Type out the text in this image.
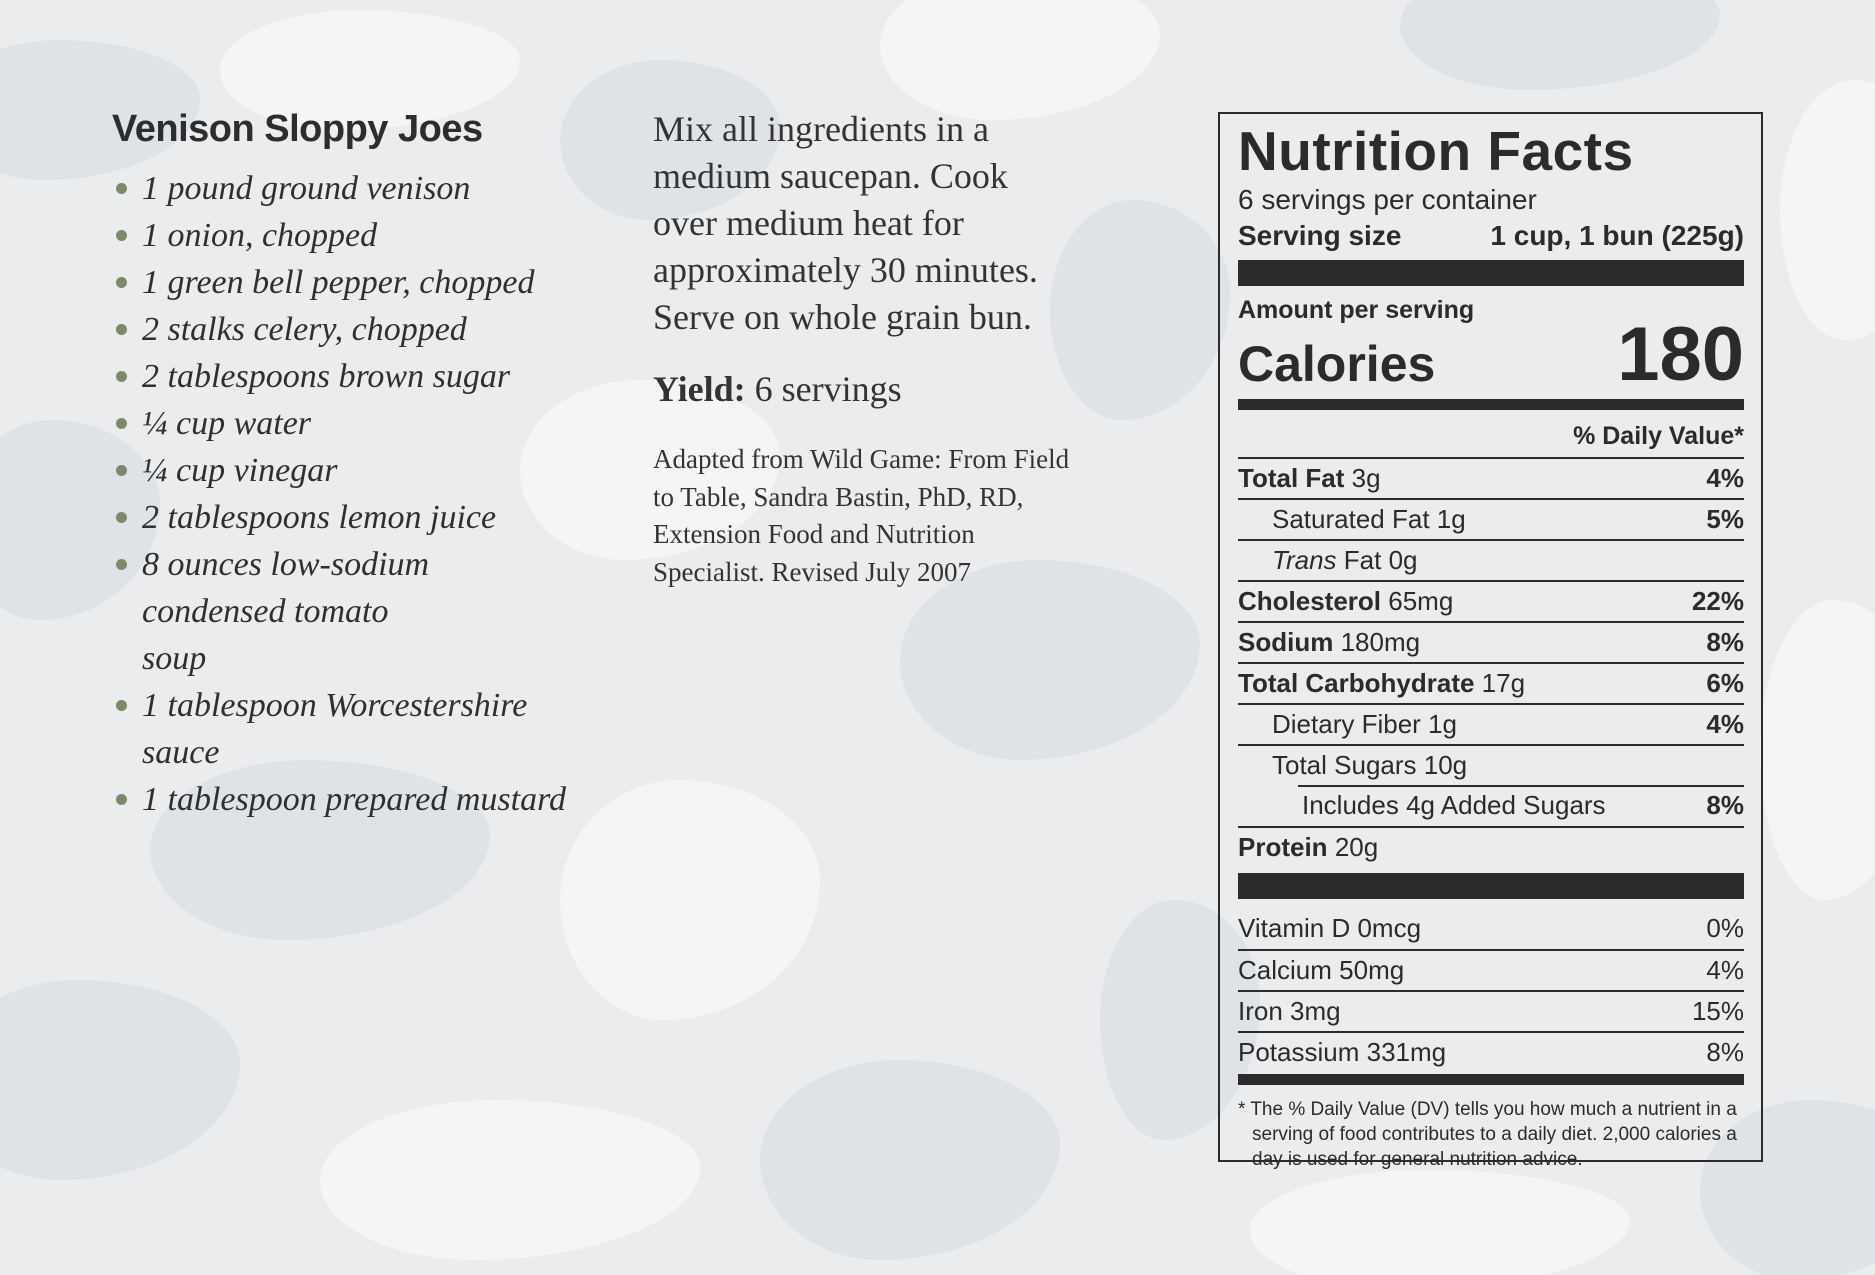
Venison Sloppy Joes
1 pound ground venison
1 onion, chopped
1 green bell pepper, chopped
2 stalks celery, chopped
2 tablespoons brown sugar
¼ cup water
¼ cup vinegar
2 tablespoons lemon juice
8 ounces low-sodium condensed tomato soup
1 tablespoon Worcestershire sauce
1 tablespoon prepared mustard

Mix all ingredients in a medium saucepan. Cook over medium heat for approximately 30 minutes. Serve on whole grain bun.

Yield: 6 servings

Adapted from Wild Game: From Field to Table, Sandra Bastin, PhD, RD, Extension Food and Nutrition Specialist. Revised July 2007

Nutrition Facts
6 servings per container
Serving size	1 cup, 1 bun (225g)
Amount per serving
Calories 180
% Daily Value*
Total Fat 3g	4%
Saturated Fat 1g	5%
Trans Fat 0g
Cholesterol 65mg	22%
Sodium 180mg	8%
Total Carbohydrate 17g	6%
Dietary Fiber 1g	4%
Total Sugars 10g
Includes 4g Added Sugars	8%
Protein 20g
Vitamin D 0mcg	0%
Calcium 50mg	4%
Iron 3mg	15%
Potassium 331mg	8%

* The % Daily Value (DV) tells you how much a nutrient in a serving of food contributes to a daily diet. 2,000 calories a day is used for general nutrition advice.
